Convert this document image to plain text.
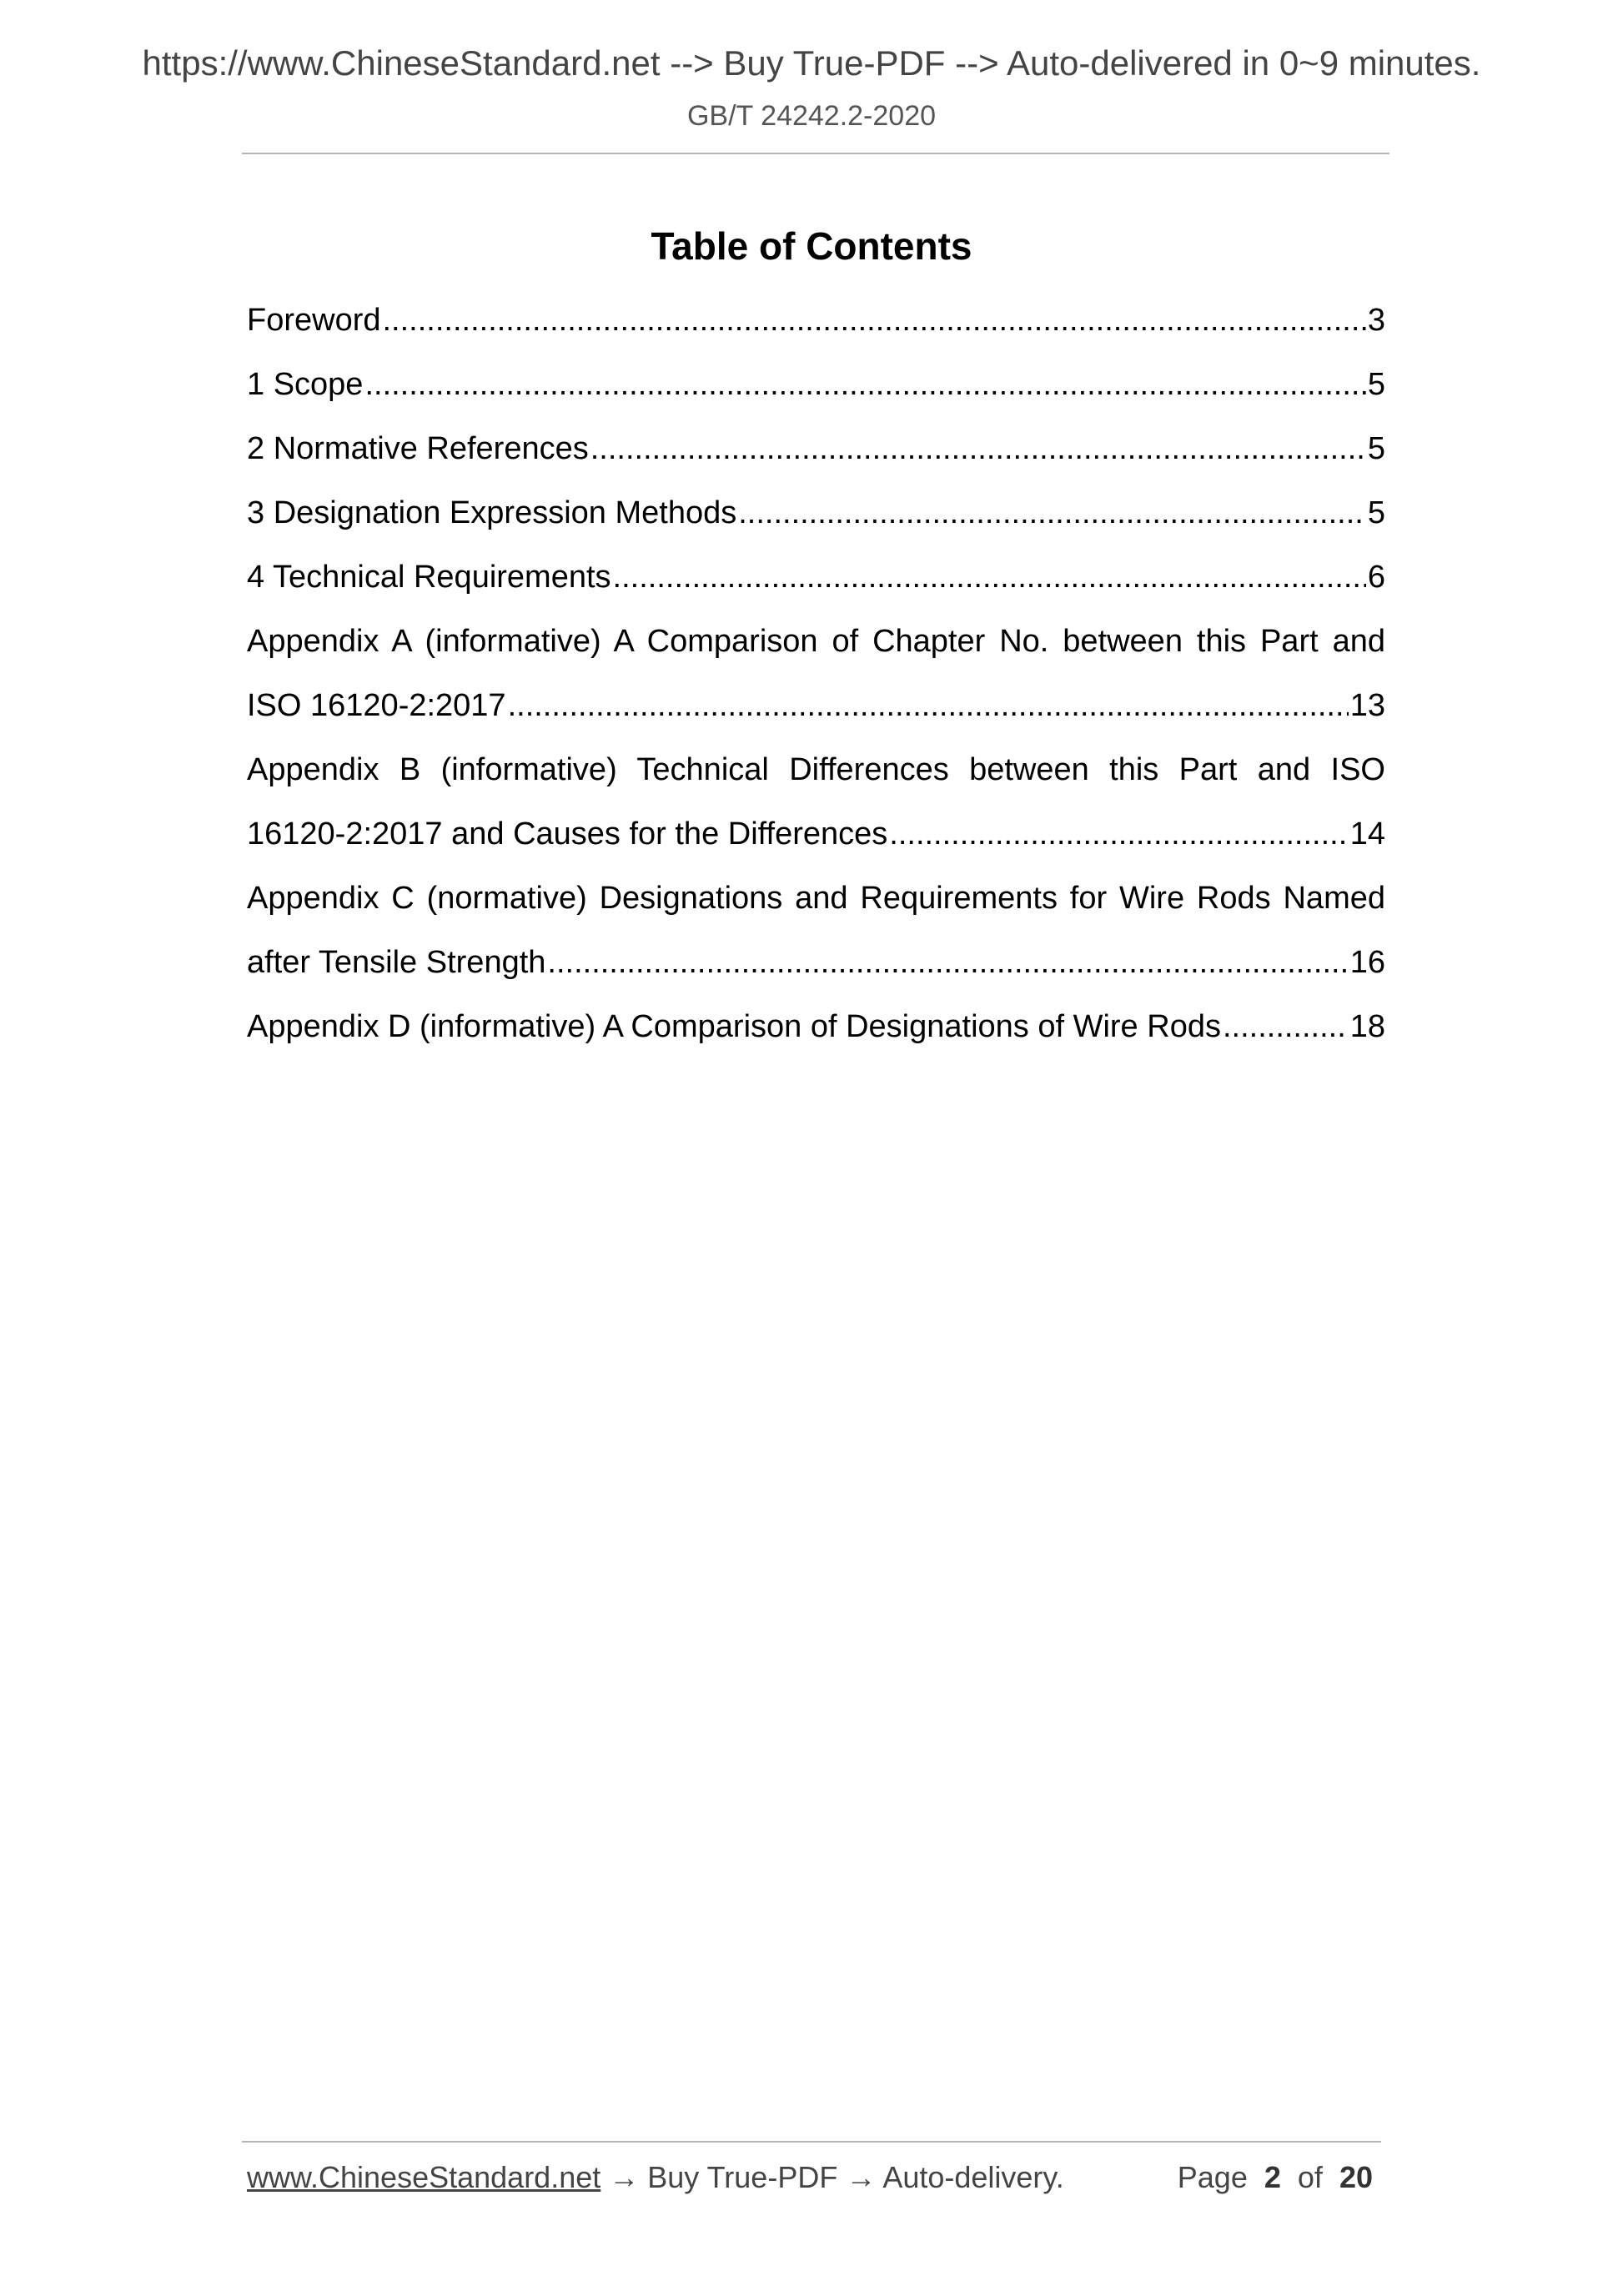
https://www.ChineseStandard.net --> Buy True-PDF --> Auto-delivered in 0~9 minutes.
GB/T 24242.2-2020
Table of Contents
Foreword .....	3
1 Scope .....	5
2 Normative References .....	5
3 Designation Expression Methods .....	5
4 Technical Requirements .....	6
Appendix A (informative) A Comparison of Chapter No. between this Part and
ISO 16120-2:2017 .....	13
Appendix B (informative) Technical Differences between this Part and ISO
16120-2:2017 and Causes for the Differences .....	14
Appendix C (normative) Designations and Requirements for Wire Rods Named
after Tensile Strength .....	16
Appendix D (informative) A Comparison of Designations of Wire Rods .....	18
www.ChineseStandard.net → Buy True-PDF → Auto-delivery.	Page 2 of 20
